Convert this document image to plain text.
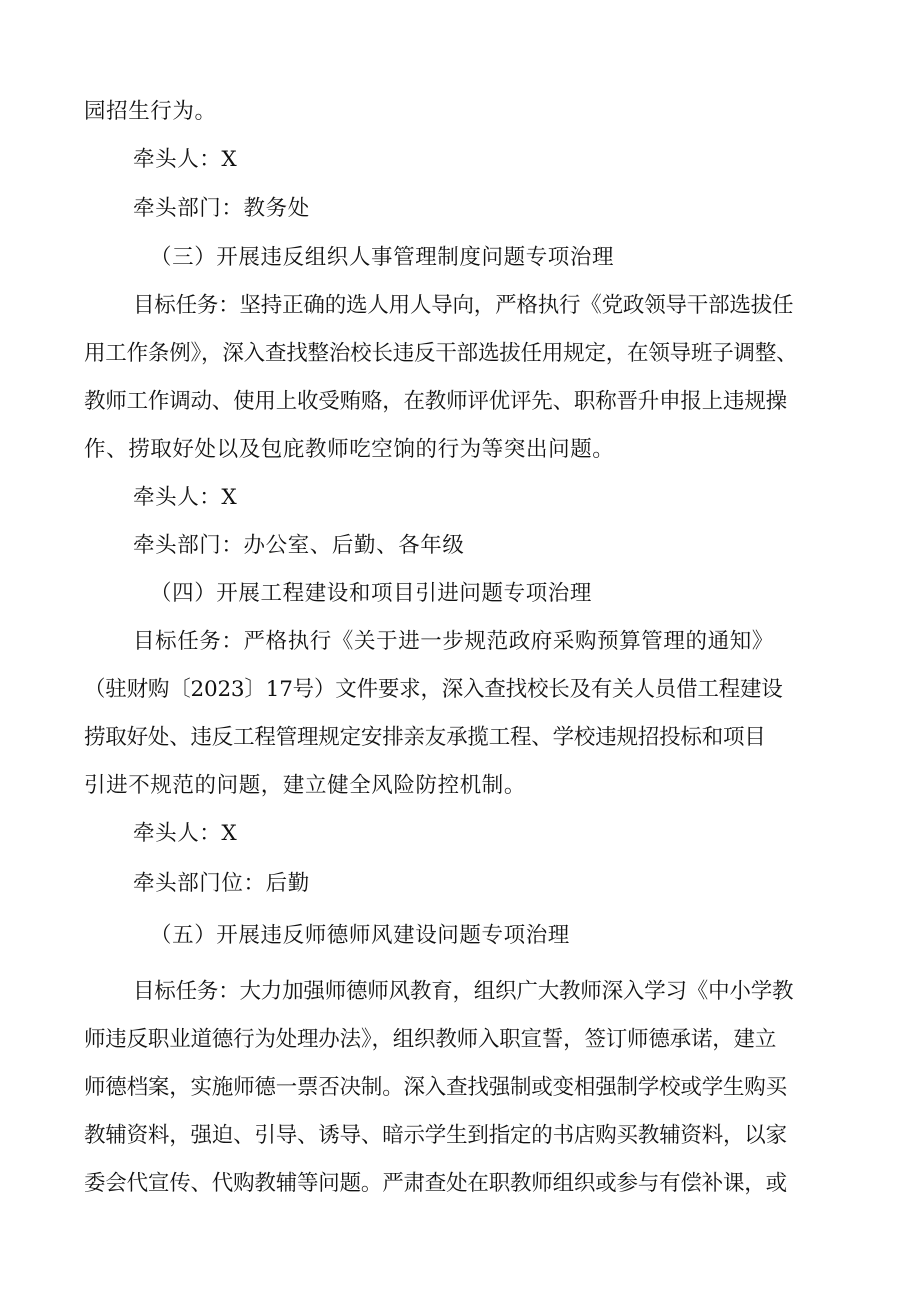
园招生行为。
牵头人：X
牵头部门：教务处
（三）开展违反组织人事管理制度问题专项治理
目标任务：坚持正确的选人用人导向，严格执行《党政领导干部选拔任
用工作条例》，深入查找整治校长违反干部选拔任用规定，在领导班子调整、
教师工作调动、使用上收受贿赂，在教师评优评先、职称晋升申报上违规操
作、捞取好处以及包庇教师吃空饷的行为等突出问题。
牵头人：X
牵头部门：办公室、后勤、各年级
（四）开展工程建设和项目引进问题专项治理
目标任务：严格执行《关于进一步规范政府采购预算管理的通知》
（驻财购〔2023〕17号）文件要求，深入查找校长及有关人员借工程建设
捞取好处、违反工程管理规定安排亲友承揽工程、学校违规招投标和项目
引进不规范的问题，建立健全风险防控机制。
牵头人：X
牵头部门位：后勤
（五）开展违反师德师风建设问题专项治理
目标任务：大力加强师德师风教育，组织广大教师深入学习《中小学教
师违反职业道德行为处理办法》，组织教师入职宣誓，签订师德承诺，建立
师德档案，实施师德一票否决制。深入查找强制或变相强制学校或学生购买
教辅资料，强迫、引导、诱导、暗示学生到指定的书店购买教辅资料，以家
委会代宣传、代购教辅等问题。严肃查处在职教师组织或参与有偿补课，或
